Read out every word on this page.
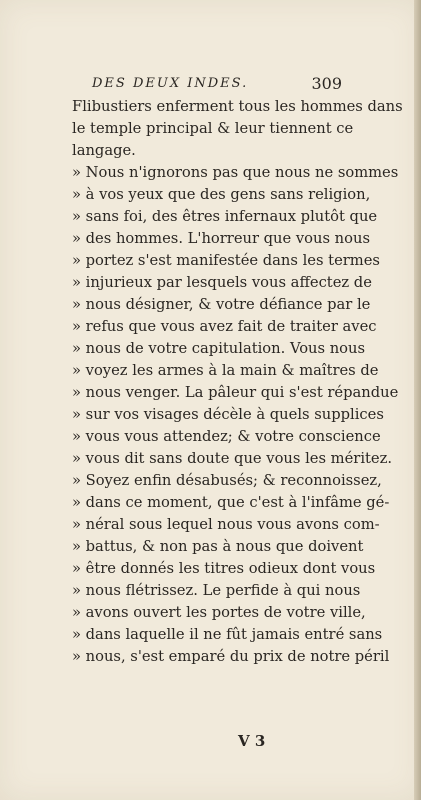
DES DEUX INDES.	309
Flibustiers enferment tous les hommes dans
le temple principal & leur tiennent ce
langage.
» Nous n'ignorons pas que nous ne sommes
» à vos yeux que des gens sans religion,
» sans foi, des êtres infernaux plutôt que
» des hommes. L'horreur que vous nous
» portez s'est manifestée dans les termes
» injurieux par lesquels vous affectez de
» nous désigner, & votre défiance par le
» refus que vous avez fait de traiter avec
» nous de votre capitulation. Vous nous
» voyez les armes à la main & maîtres de
» nous venger. La pâleur qui s'est répandue
» sur vos visages décèle à quels supplices
» vous vous attendez; & votre conscience
» vous dit sans doute que vous les méritez.
» Soyez enfin désabusés; & reconnoissez,
» dans ce moment, que c'est à l'infâme gé-
» néral sous lequel nous vous avons com-
» battus, & non pas à nous que doivent
» être donnés les titres odieux dont vous
» nous flétrissez. Le perfide à qui nous
» avons ouvert les portes de votre ville,
» dans laquelle il ne fût jamais entré sans
» nous, s'est emparé du prix de notre péril
V 3
